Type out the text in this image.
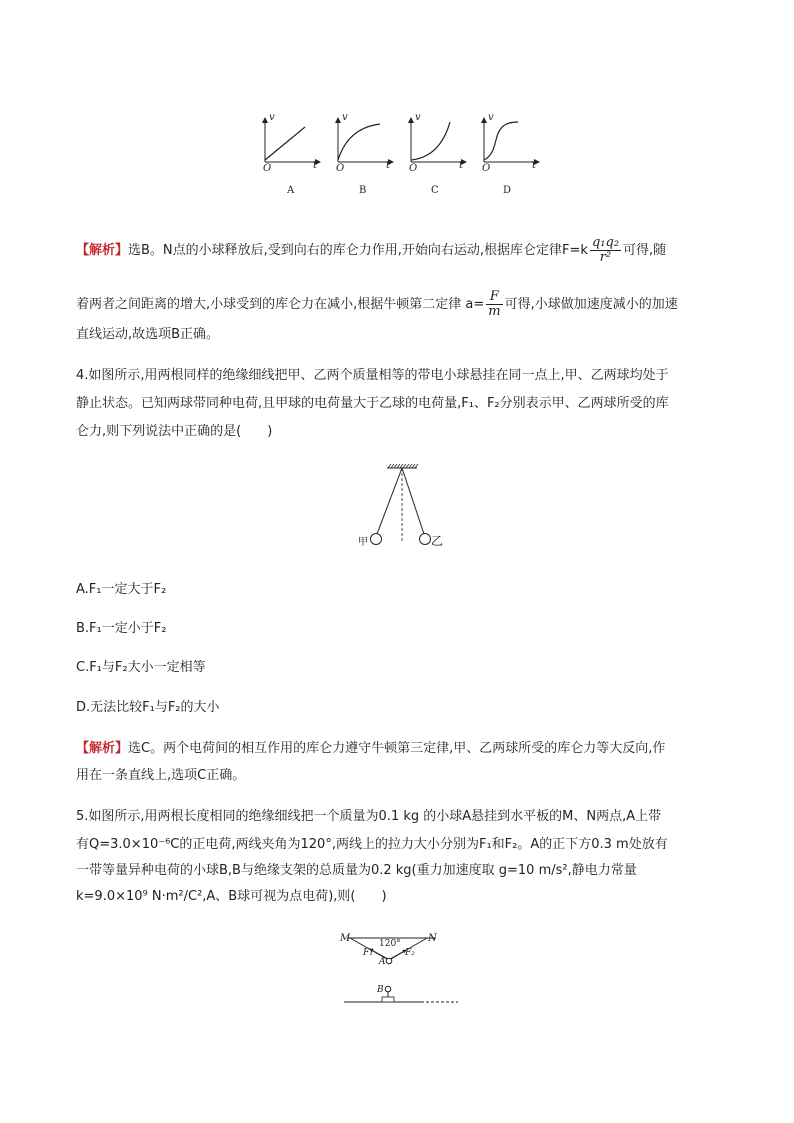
v
t
O
A
v
t
O
B
v
t
O
C
v
t
O
D
【解析】选B。N点的小球释放后,受到向右的库仑力作用,开始向右运动,根据库仑定律$F=k \frac{\text{q₁q₂}}{\text{r²}}$ 可得,随
着两者之间距离的增大,小球受到的库仑力在减小,根据牛顿第二定律 $a= \frac{F}{m}$ 可得,小球做加速度减小的加速
直线运动,故选项B正确。
4.如图所示,用两根同样的绝缘细线把甲、乙两个质量相等的带电小球悬挂在同一点上,甲、乙两球均处于
静止状态。已知两球带同种电荷,且甲球的电荷量大于乙球的电荷量,F₁、F₂分别表示甲、乙两球所受的库
仑力,则下列说法中正确的是(　　)
甲	乙
A.F₁一定大于F₂
B.F₁一定小于F₂
C.F₁与F₂大小一定相等
D.无法比较F₁与F₂的大小
【解析】选C。两个电荷间的相互作用的库仑力遵守牛顿第三定律,甲、乙两球所受的库仑力等大反向,作
用在一条直线上,选项C正确。
5.如图所示,用两根长度相同的绝缘细线把一个质量为0.1 kg 的小球A悬挂到水平板的M、N两点,A上带
有Q=3.0×10⁻⁶C的正电荷,两线夹角为120°,两线上的拉力大小分别为F₁和F₂。A的正下方0.3 m处放有
一带等量异种电荷的小球B,B与绝缘支架的总质量为0.2 kg(重力加速度取 g=10 m/s²,静电力常量
k=9.0×10⁹ N·m²/C²,A、B球可视为点电荷),则(　　)
M	N
120°
F₁	F₂
A
B
